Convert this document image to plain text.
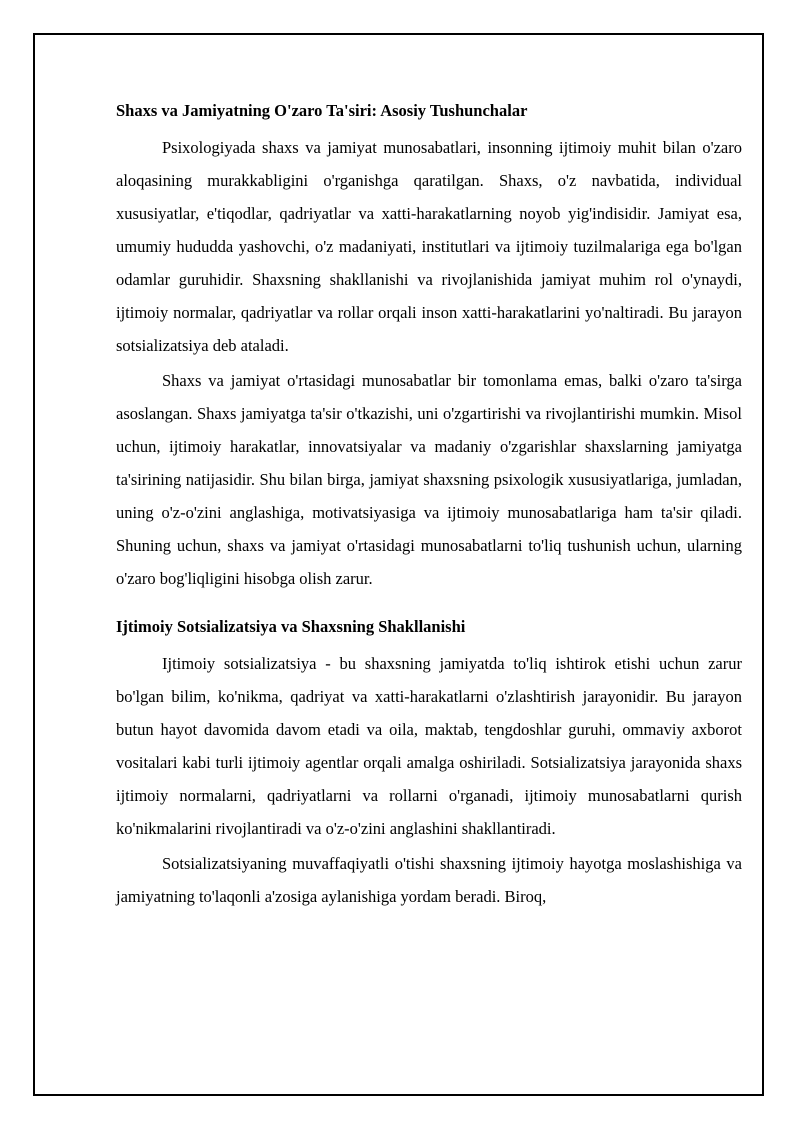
Shaxs va Jamiyatning O'zaro Ta'siri: Asosiy Tushunchalar

Psixologiyada shaxs va jamiyat munosabatlari, insonning ijtimoiy muhit bilan o'zaro aloqasining murakkabligini o'rganishga qaratilgan. Shaxs, o'z navbatida, individual xususiyatlar, e'tiqodlar, qadriyatlar va xatti-harakatlarning noyob yig'indisidir. Jamiyat esa, umumiy hududda yashovchi, o'z madaniyati, institutlari va ijtimoiy tuzilmalariga ega bo'lgan odamlar guruhidir. Shaxsning shakllanishi va rivojlanishida jamiyat muhim rol o'ynaydi, ijtimoiy normalar, qadriyatlar va rollar orqali inson xatti-harakatlarini yo'naltiradi. Bu jarayon sotsializatsiya deb ataladi.

Shaxs va jamiyat o'rtasidagi munosabatlar bir tomonlama emas, balki o'zaro ta'sirga asoslangan. Shaxs jamiyatga ta'sir o'tkazishi, uni o'zgartirishi va rivojlantirishi mumkin. Misol uchun, ijtimoiy harakatlar, innovatsiyalar va madaniy o'zgarishlar shaxslarning jamiyatga ta'sirining natijasidir. Shu bilan birga, jamiyat shaxsning psixologik xususiyatlariga, jumladan, uning o'z-o'zini anglashiga, motivatsiyasiga va ijtimoiy munosabatlariga ham ta'sir qiladi. Shuning uchun, shaxs va jamiyat o'rtasidagi munosabatlarni to'liq tushunish uchun, ularning o'zaro bog'liqligini hisobga olish zarur.

Ijtimoiy Sotsializatsiya va Shaxsning Shakllanishi

Ijtimoiy sotsializatsiya - bu shaxsning jamiyatda to'liq ishtirok etishi uchun zarur bo'lgan bilim, ko'nikma, qadriyat va xatti-harakatlarni o'zlashtirish jarayonidir. Bu jarayon butun hayot davomida davom etadi va oila, maktab, tengdoshlar guruhi, ommaviy axborot vositalari kabi turli ijtimoiy agentlar orqali amalga oshiriladi. Sotsializatsiya jarayonida shaxs ijtimoiy normalarni, qadriyatlarni va rollarni o'rganadi, ijtimoiy munosabatlarni qurish ko'nikmalarini rivojlantiradi va o'z-o'zini anglashini shakllantiradi.

Sotsializatsiyaning muvaffaqiyatli o'tishi shaxsning ijtimoiy hayotga moslashishiga va jamiyatning to'laqonli a'zosiga aylanishiga yordam beradi. Biroq,
